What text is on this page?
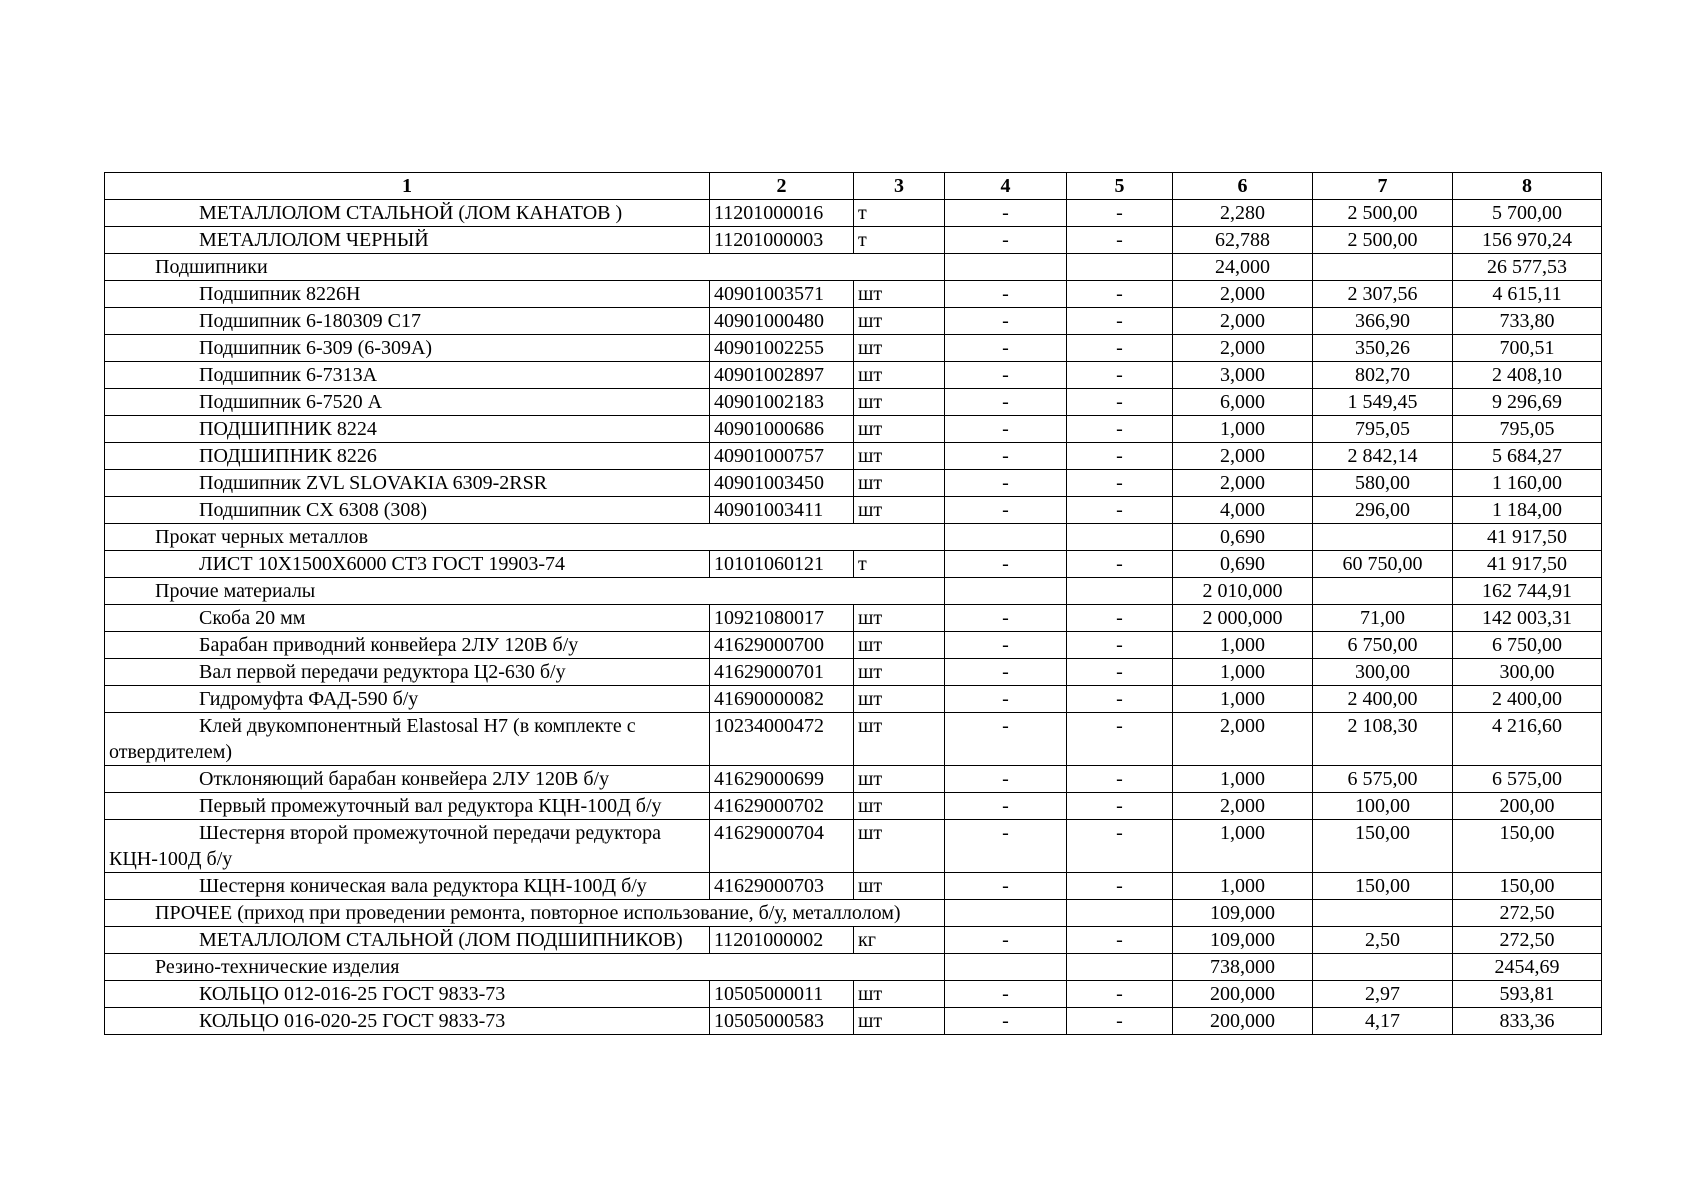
1	2	3	4	5	6	7	8
МЕТАЛЛОЛОМ СТАЛЬНОЙ (ЛОМ КАНАТОВ )	11201000016	т	-	-	2,280	2 500,00	5 700,00
МЕТАЛЛОЛОМ ЧЕРНЫЙ	11201000003	т	-	-	62,788	2 500,00	156 970,24
Подшипники					24,000		26 577,53
Подшипник 8226Н	40901003571	шт	-	-	2,000	2 307,56	4 615,11
Подшипник 6-180309 С17	40901000480	шт	-	-	2,000	366,90	733,80
Подшипник 6-309 (6-309А)	40901002255	шт	-	-	2,000	350,26	700,51
Подшипник 6-7313А	40901002897	шт	-	-	3,000	802,70	2 408,10
Подшипник 6-7520 А	40901002183	шт	-	-	6,000	1 549,45	9 296,69
ПОДШИПНИК 8224	40901000686	шт	-	-	1,000	795,05	795,05
ПОДШИПНИК 8226	40901000757	шт	-	-	2,000	2 842,14	5 684,27
Подшипник ZVL SLOVAKIA 6309-2RSR	40901003450	шт	-	-	2,000	580,00	1 160,00
Подшипник CX 6308 (308)	40901003411	шт	-	-	4,000	296,00	1 184,00
Прокат черных металлов					0,690		41 917,50
ЛИСТ 10Х1500Х6000 СТ3 ГОСТ 19903-74	10101060121	т	-	-	0,690	60 750,00	41 917,50
Прочие материалы					2 010,000		162 744,91
Скоба 20 мм	10921080017	шт	-	-	2 000,000	71,00	142 003,31
Барабан приводний конвейера 2ЛУ 120В б/у	41629000700	шт	-	-	1,000	6 750,00	6 750,00
Вал первой передачи редуктора Ц2-630 б/у	41629000701	шт	-	-	1,000	300,00	300,00
Гидромуфта ФАД-590 б/у	41690000082	шт	-	-	1,000	2 400,00	2 400,00
Клей двукомпонентный Elastosal H7 (в комплекте с отвердителем)	10234000472	шт	-	-	2,000	2 108,30	4 216,60
Отклоняющий барабан конвейера 2ЛУ 120В б/у	41629000699	шт	-	-	1,000	6 575,00	6 575,00
Первый промежуточный вал редуктора КЦН-100Д б/у	41629000702	шт	-	-	2,000	100,00	200,00
Шестерня второй промежуточной передачи редуктора КЦН-100Д б/у	41629000704	шт	-	-	1,000	150,00	150,00
Шестерня коническая вала редуктора КЦН-100Д б/у	41629000703	шт	-	-	1,000	150,00	150,00
ПРОЧЕЕ (приход при проведении ремонта, повторное использование, б/у, металлолом)					109,000		272,50
МЕТАЛЛОЛОМ СТАЛЬНОЙ (ЛОМ ПОДШИПНИКОВ)	11201000002	кг	-	-	109,000	2,50	272,50
Резино-технические изделия					738,000		2454,69
КОЛЬЦО 012-016-25 ГОСТ 9833-73	10505000011	шт	-	-	200,000	2,97	593,81
КОЛЬЦО 016-020-25 ГОСТ 9833-73	10505000583	шт	-	-	200,000	4,17	833,36
